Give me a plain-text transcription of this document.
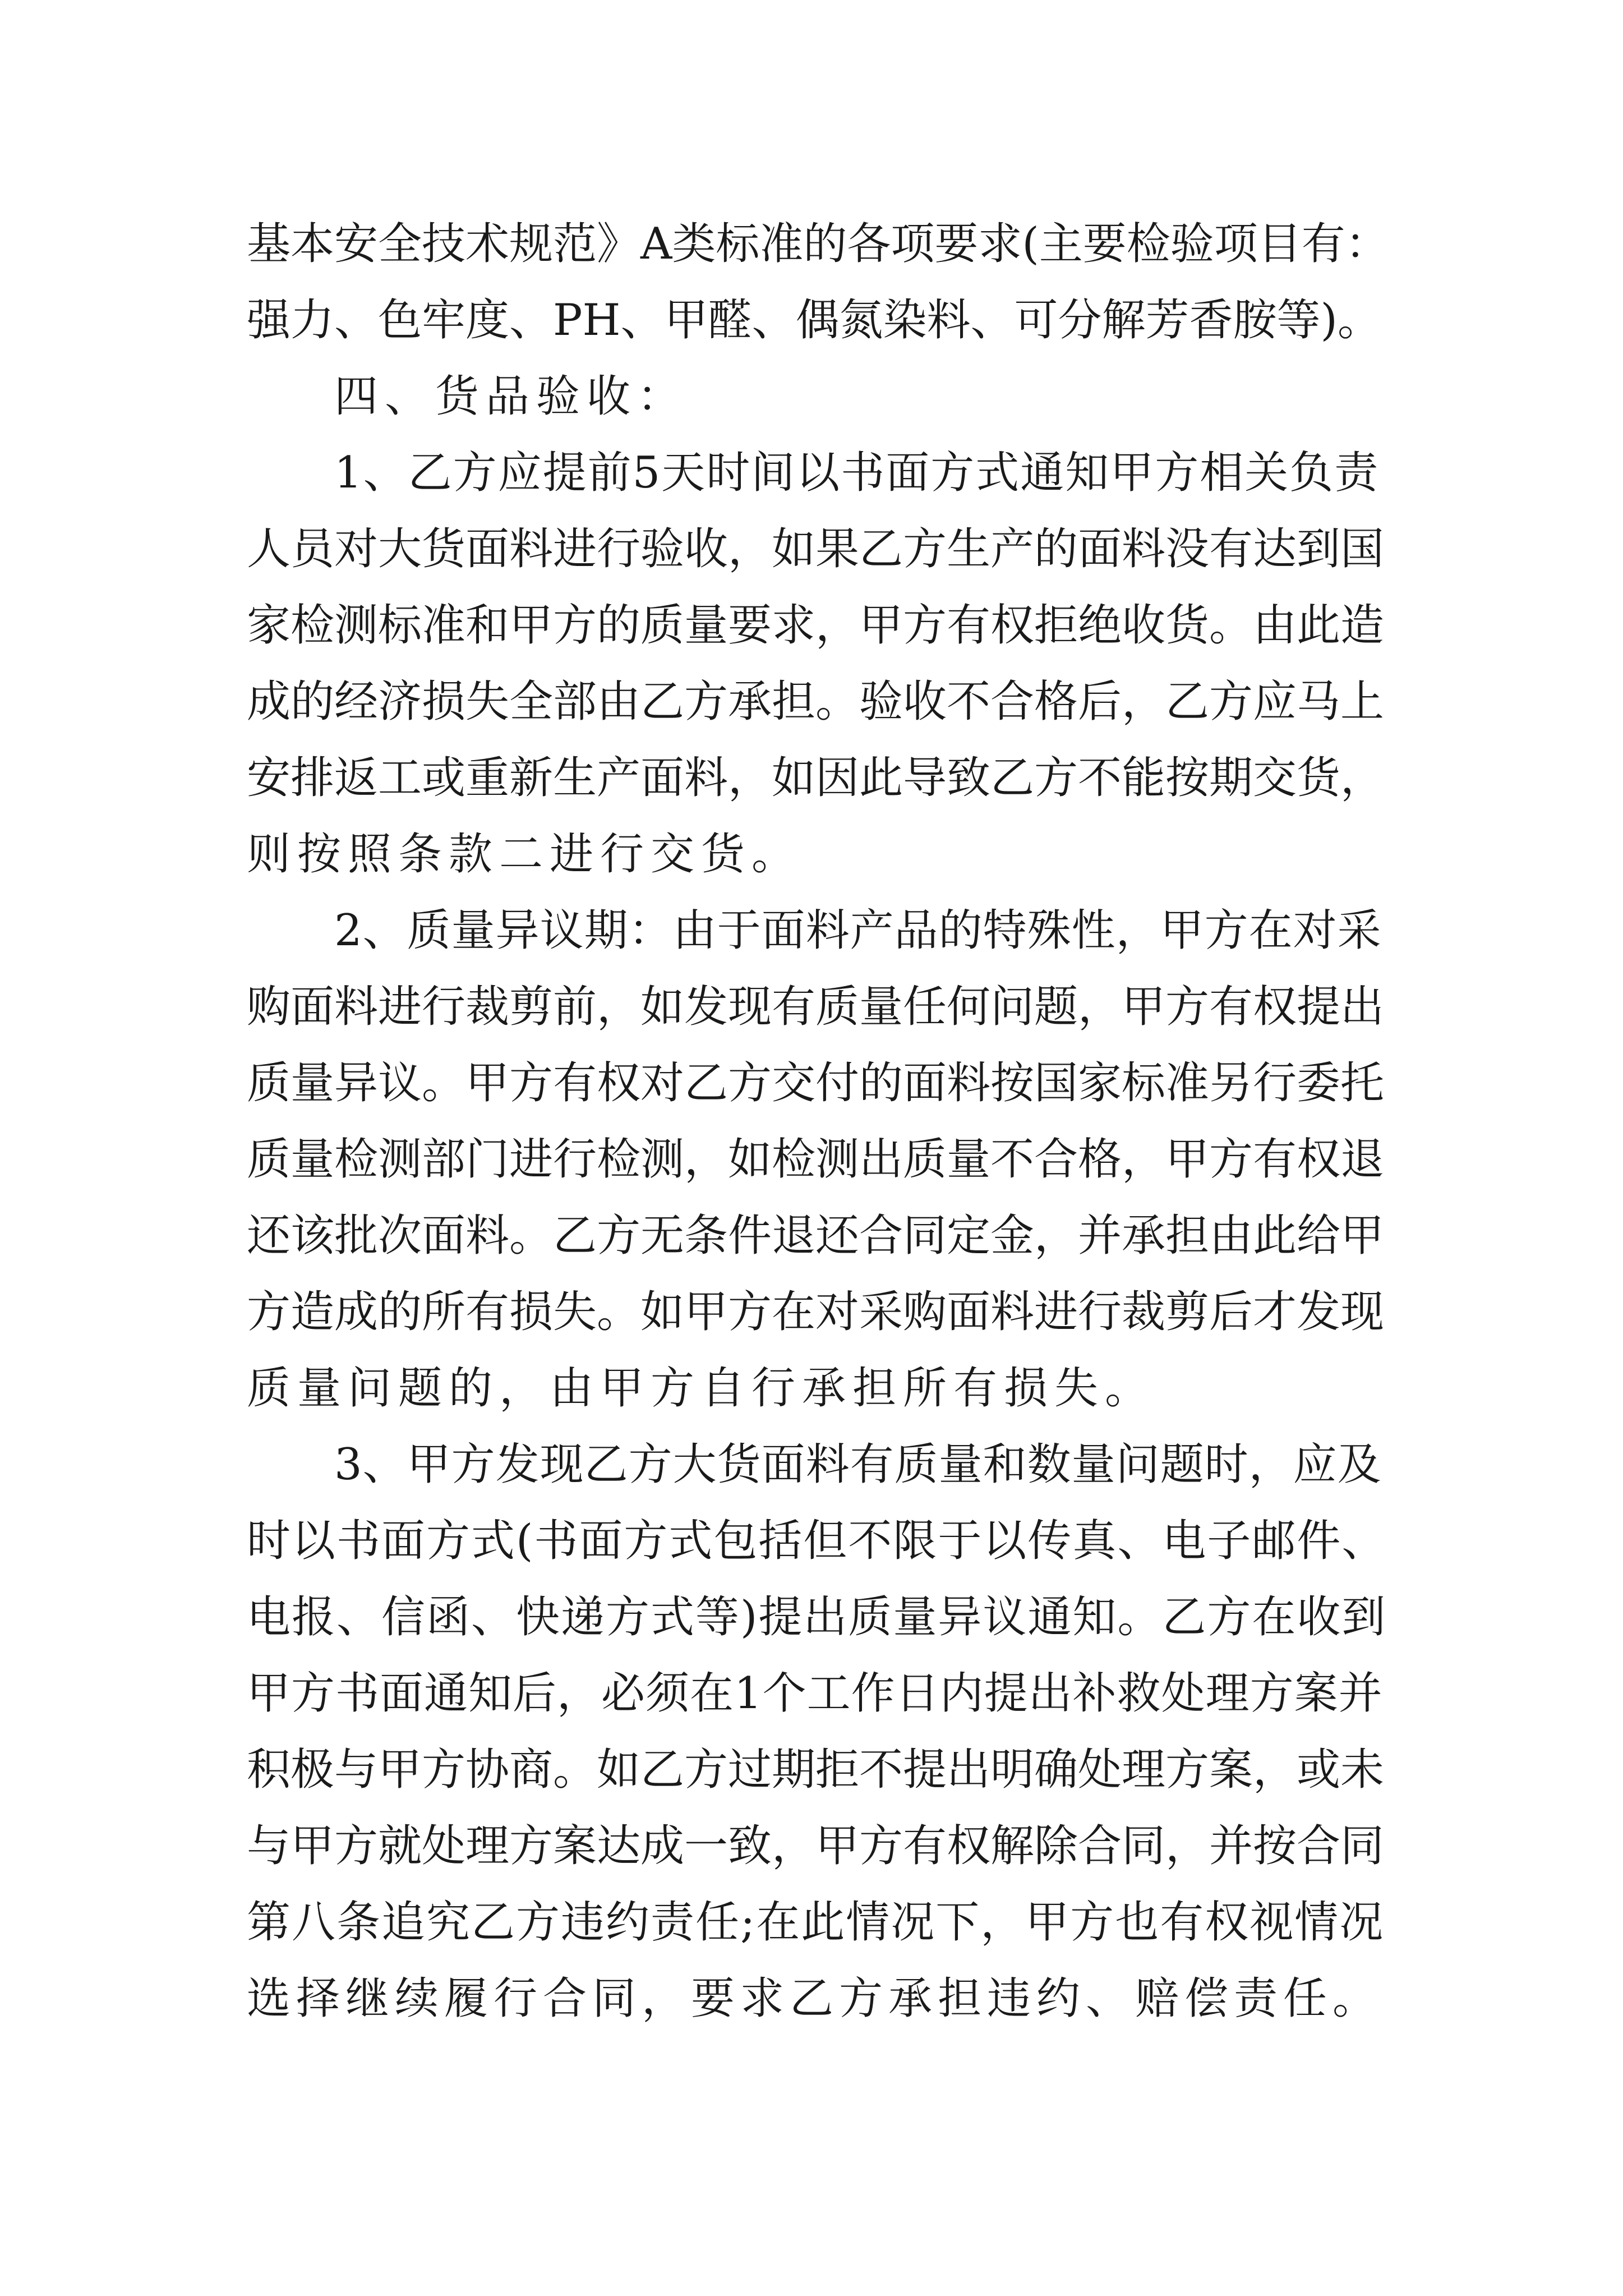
基本安全技术规范》A类标准的各项要求(主要检验项目有：
强力、色牢度、PH、甲醛、偶氮染料、可分解芳香胺等)。
四、货品验收：
1、乙方应提前5天时间以书面方式通知甲方相关负责
人员对大货面料进行验收，如果乙方生产的面料没有达到国
家检测标准和甲方的质量要求，甲方有权拒绝收货。由此造
成的经济损失全部由乙方承担。验收不合格后，乙方应马上
安排返工或重新生产面料，如因此导致乙方不能按期交货，
则按照条款二进行交货。
2、质量异议期：由于面料产品的特殊性，甲方在对采
购面料进行裁剪前，如发现有质量任何问题，甲方有权提出
质量异议。甲方有权对乙方交付的面料按国家标准另行委托
质量检测部门进行检测，如检测出质量不合格，甲方有权退
还该批次面料。乙方无条件退还合同定金，并承担由此给甲
方造成的所有损失。如甲方在对采购面料进行裁剪后才发现
质量问题的，由甲方自行承担所有损失。
3、甲方发现乙方大货面料有质量和数量问题时，应及
时以书面方式(书面方式包括但不限于以传真、电子邮件、
电报、信函、快递方式等)提出质量异议通知。乙方在收到
甲方书面通知后，必须在1个工作日内提出补救处理方案并
积极与甲方协商。如乙方过期拒不提出明确处理方案，或未
与甲方就处理方案达成一致，甲方有权解除合同，并按合同
第八条追究乙方违约责任;在此情况下，甲方也有权视情况
选择继续履行合同，要求乙方承担违约、赔偿责任。
